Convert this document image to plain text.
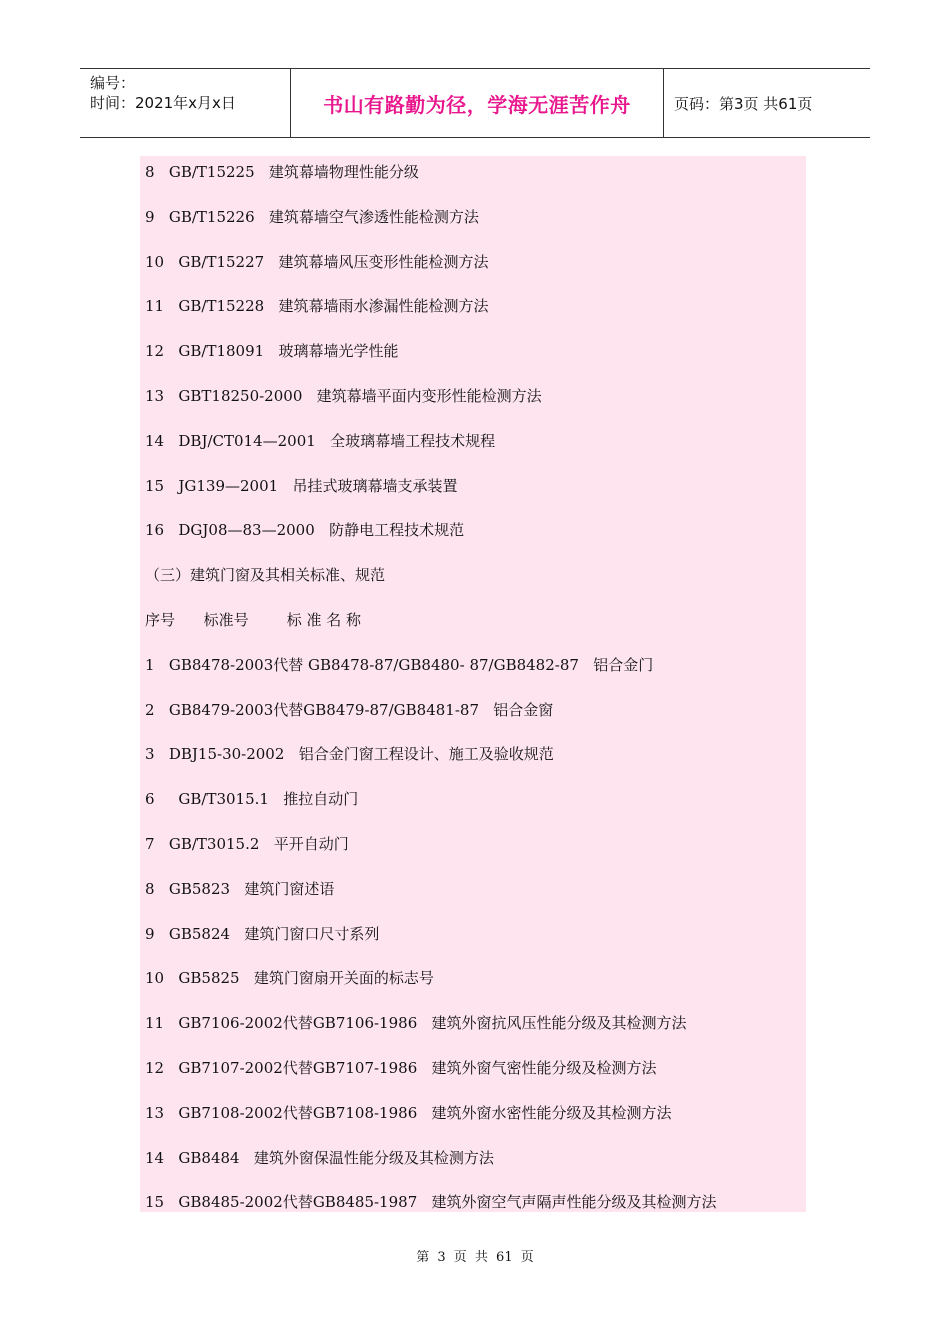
编号：
时间：2021年x月x日	书山有路勤为径，学海无涯苦作舟	页码：第3页 共61页
8   GB/T15225   建筑幕墙物理性能分级
9   GB/T15226   建筑幕墙空气渗透性能检测方法
10   GB/T15227   建筑幕墙风压变形性能检测方法
11   GB/T15228   建筑幕墙雨水渗漏性能检测方法
12   GB/T18091   玻璃幕墙光学性能
13   GBT18250-2000   建筑幕墙平面内变形性能检测方法
14   DBJ/CT014—2001   全玻璃幕墙工程技术规程
15   JG139—2001   吊挂式玻璃幕墙支承装置
16   DGJ08—83—2000   防静电工程技术规范
（三）建筑门窗及其相关标准、规范
序号      标准号        标 准 名 称
1   GB8478-2003代替 GB8478-87/GB8480- 87/GB8482-87   铝合金门
2   GB8479-2003代替GB8479-87/GB8481-87   铝合金窗
3   DBJ15-30-2002   铝合金门窗工程设计、施工及验收规范
6     GB/T3015.1   推拉自动门
7   GB/T3015.2   平开自动门
8   GB5823   建筑门窗述语
9   GB5824   建筑门窗口尺寸系列
10   GB5825   建筑门窗扇开关面的标志号
11   GB7106-2002代替GB7106-1986   建筑外窗抗风压性能分级及其检测方法
12   GB7107-2002代替GB7107-1986   建筑外窗气密性能分级及检测方法
13   GB7108-2002代替GB7108-1986   建筑外窗水密性能分级及其检测方法
14   GB8484   建筑外窗保温性能分级及其检测方法
15   GB8485-2002代替GB8485-1987   建筑外窗空气声隔声性能分级及其检测方法
第 3 页 共 61 页
